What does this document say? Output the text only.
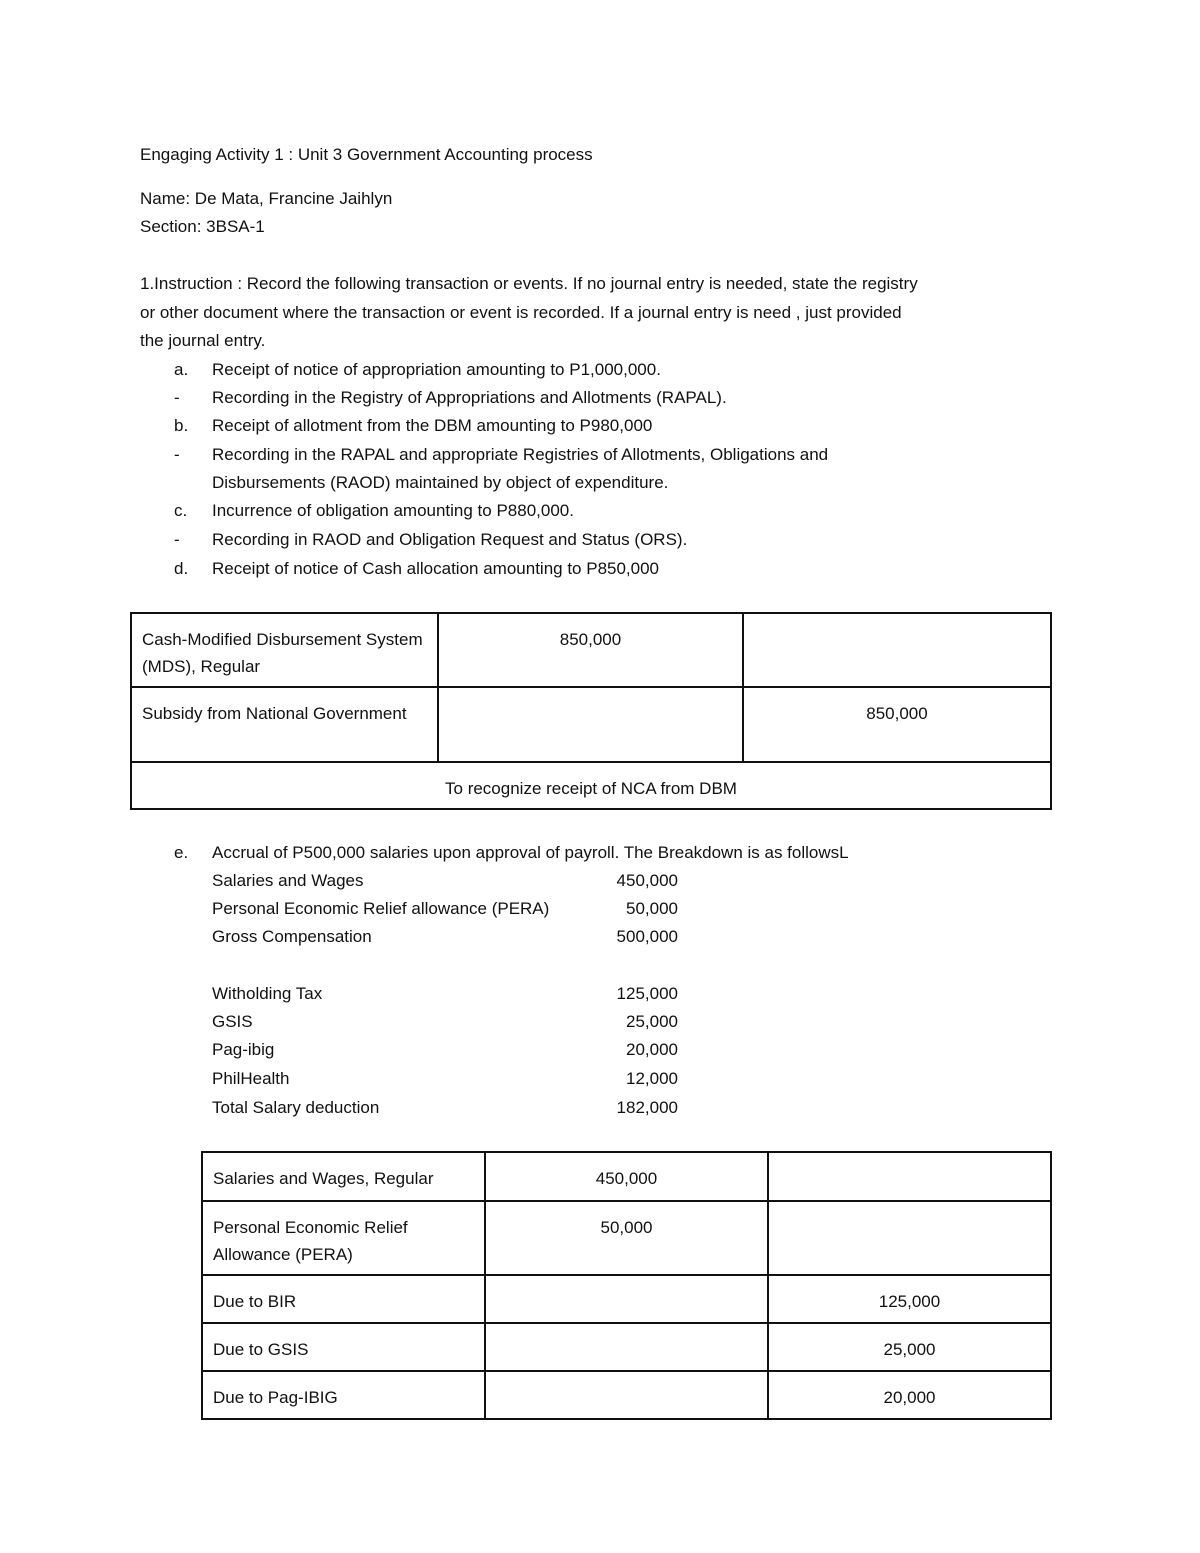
Engaging Activity 1 : Unit 3 Government Accounting process
Name: De Mata, Francine Jaihlyn
Section: 3BSA-1
1.Instruction : Record the following transaction or events. If no journal entry is needed, state the registry
or other document where the transaction or event is recorded. If a journal entry is need , just provided
the journal entry.
a. Receipt of notice of appropriation amounting to P1,000,000.
- Recording in the Registry of Appropriations and Allotments (RAPAL).
b. Receipt of allotment from the DBM amounting to P980,000
- Recording in the RAPAL and appropriate Registries of Allotments, Obligations and
Disbursements (RAOD) maintained by object of expenditure.
c. Incurrence of obligation amounting to P880,000.
- Recording in RAOD and Obligation Request and Status (ORS).
d. Receipt of notice of Cash allocation amounting to P850,000
Cash-Modified Disbursement System (MDS), Regular	850,000	
Subsidy from National Government		850,000
To recognize receipt of NCA from DBM		
e. Accrual of P500,000 salaries upon approval of payroll. The Breakdown is as followsL
Salaries and Wages	450,000
Personal Economic Relief allowance (PERA)	50,000
Gross Compensation	500,000
Witholding Tax	125,000
GSIS	25,000
Pag-ibig	20,000
PhilHealth	12,000
Total Salary deduction	182,000
Salaries and Wages, Regular	450,000	
Personal Economic Relief Allowance (PERA)	50,000	
Due to BIR		125,000
Due to GSIS		25,000
Due to Pag-IBIG		20,000
